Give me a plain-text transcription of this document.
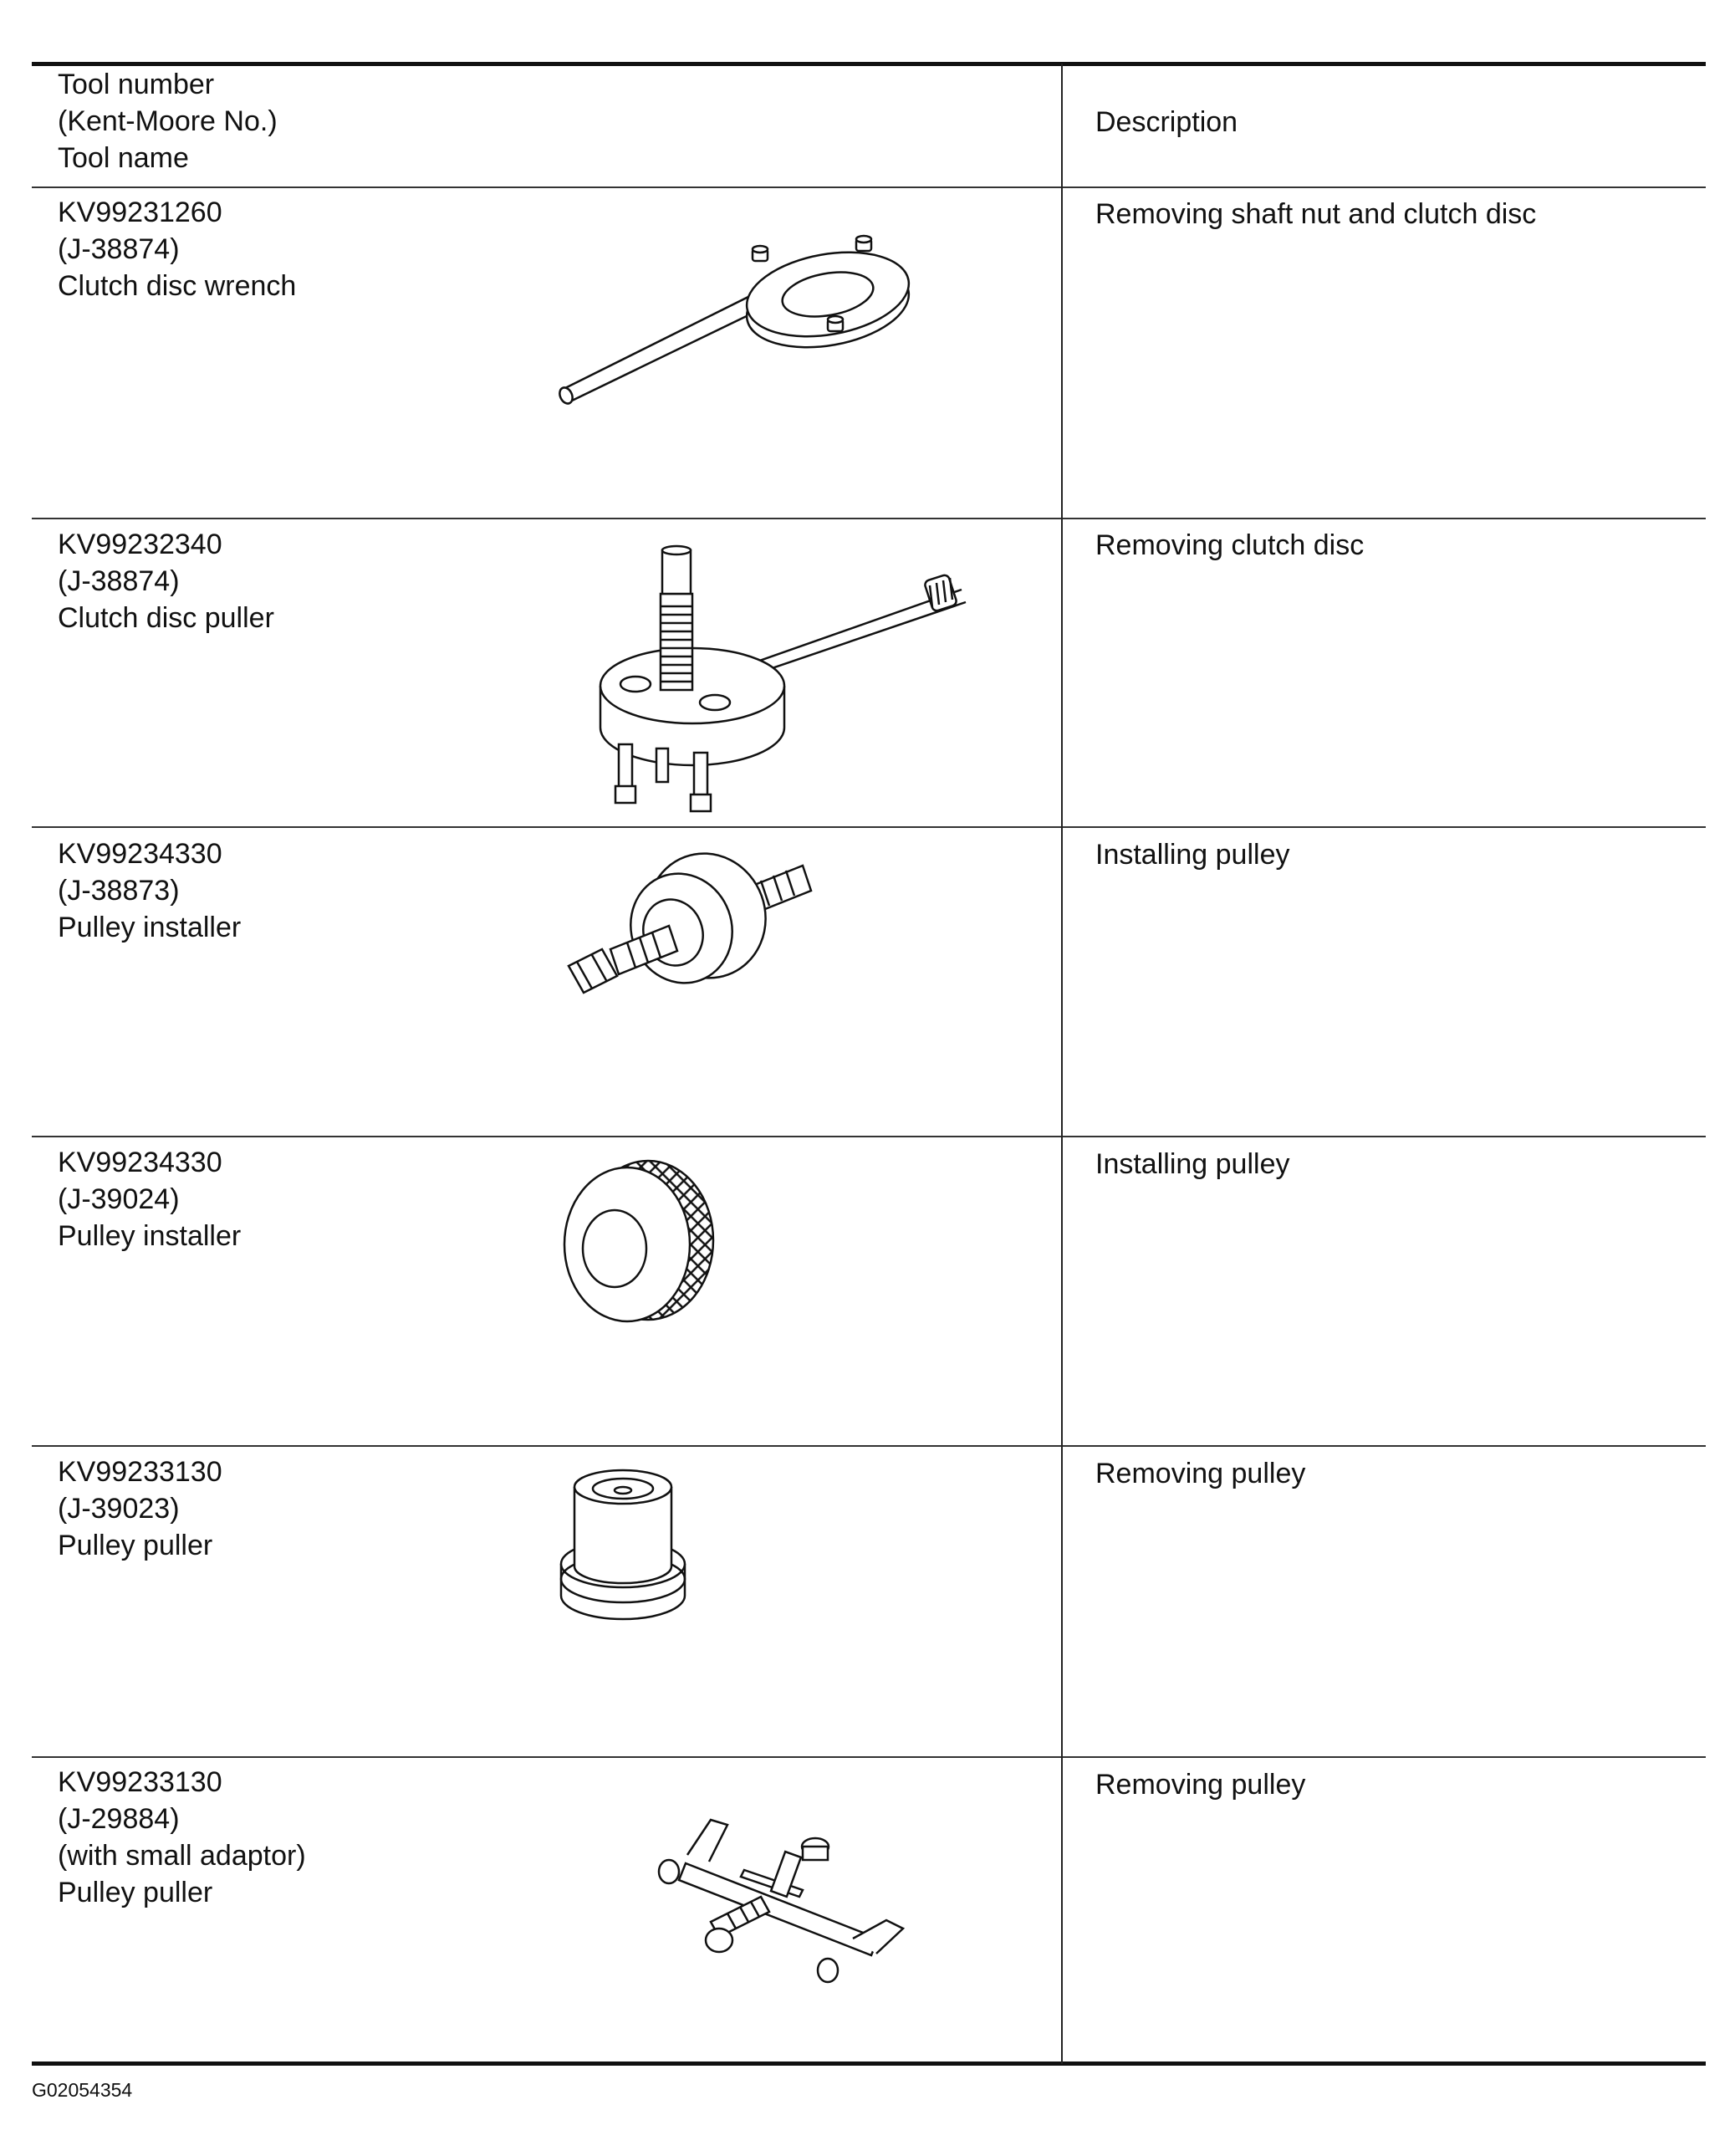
Tool number
(Kent-Moore No.)
Tool name
Description
KV99231260
(J-38874)
Clutch disc wrench
Removing shaft nut and clutch disc
KV99232340
(J-38874)
Clutch disc puller
Removing clutch disc
KV99234330
(J-38873)
Pulley installer
Installing pulley
KV99234330
(J-39024)
Pulley installer
Installing pulley
KV99233130
(J-39023)
Pulley puller
Removing pulley
KV99233130
(J-29884)
(with small adaptor)
Pulley puller
Removing pulley
G02054354
